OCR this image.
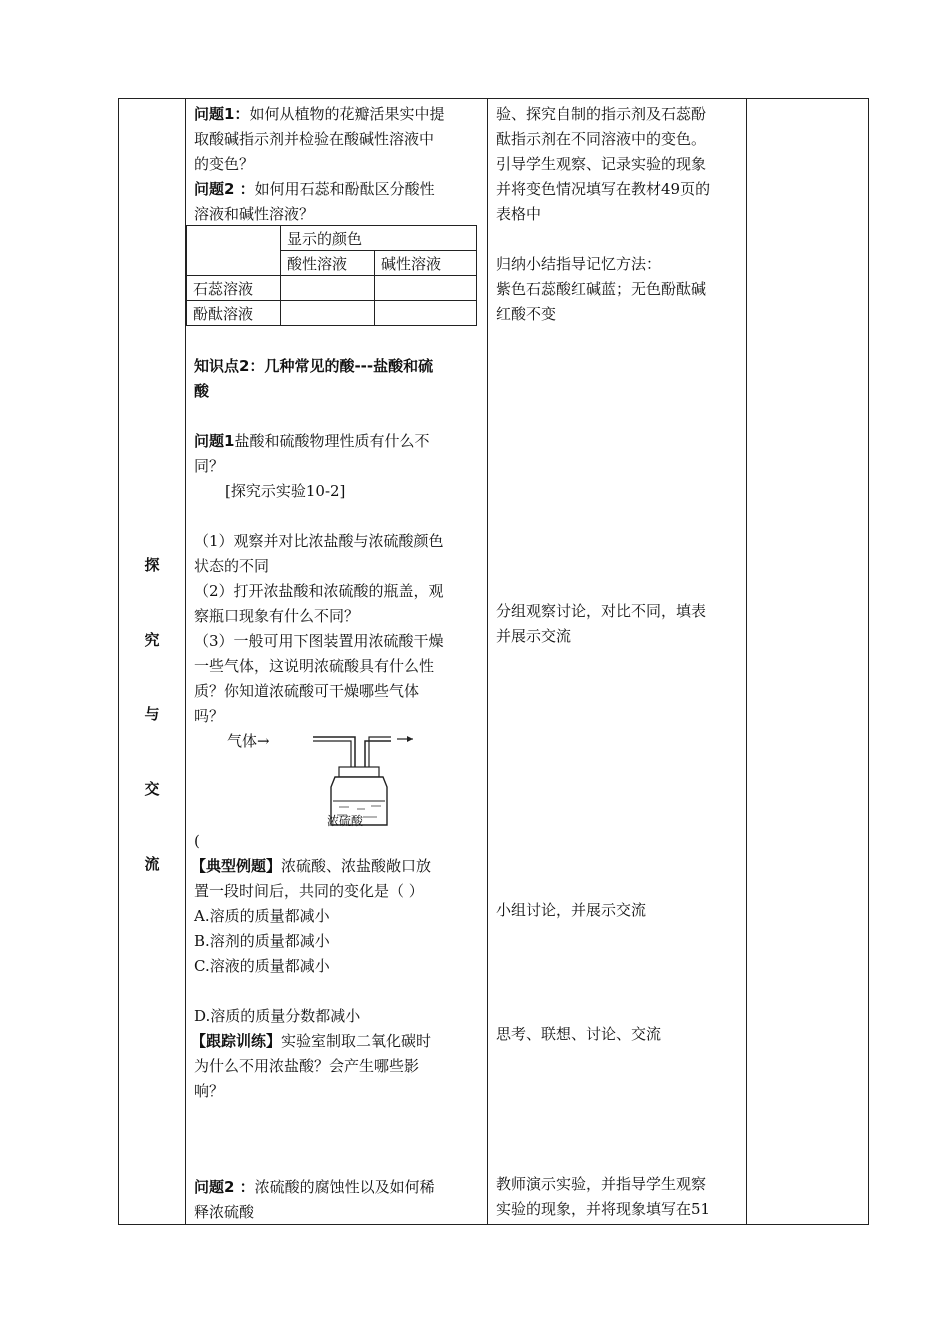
探
究
与
交
流
问题1：如何从植物的花瓣活果实中提
取酸碱指示剂并检验在酸碱性溶液中
的变色？
问题2 ：如何用石蕊和酚酞区分酸性
溶液和碱性溶液？
	显示的颜色	
	酸性溶液	碱性溶液
石蕊溶液		
酚酞溶液		
知识点2：几种常见的酸---盐酸和硫
酸
问题1盐酸和硫酸物理性质有什么不
同？
[探究示实验10-2]
（1）观察并对比浓盐酸与浓硫酸颜色
状态的不同
（2）打开浓盐酸和浓硫酸的瓶盖，观
察瓶口现象有什么不同？
（3）一般可用下图装置用浓硫酸干燥
一些气体，这说明浓硫酸具有什么性
质？你知道浓硫酸可干燥哪些气体
吗？
气体→
浓硫酸
(
【典型例题】浓硫酸、浓盐酸敞口放
置一段时间后，共同的变化是（ ）
A.溶质的质量都减小
B.溶剂的质量都减小
C.溶液的质量都减小
D.溶质的质量分数都减小
【跟踪训练】实验室制取二氧化碳时
为什么不用浓盐酸？会产生哪些影
响？
问题2 ：浓硫酸的腐蚀性以及如何稀
释浓硫酸
验、探究自制的指示剂及石蕊酚
酞指示剂在不同溶液中的变色。
引导学生观察、记录实验的现象
并将变色情况填写在教材49页的
表格中
归纳小结指导记忆方法：
紫色石蕊酸红碱蓝；无色酚酞碱
红酸不变
分组观察讨论，对比不同，填表
并展示交流
小组讨论，并展示交流
思考、联想、讨论、交流
教师演示实验，并指导学生观察
实验的现象，并将现象填写在51
